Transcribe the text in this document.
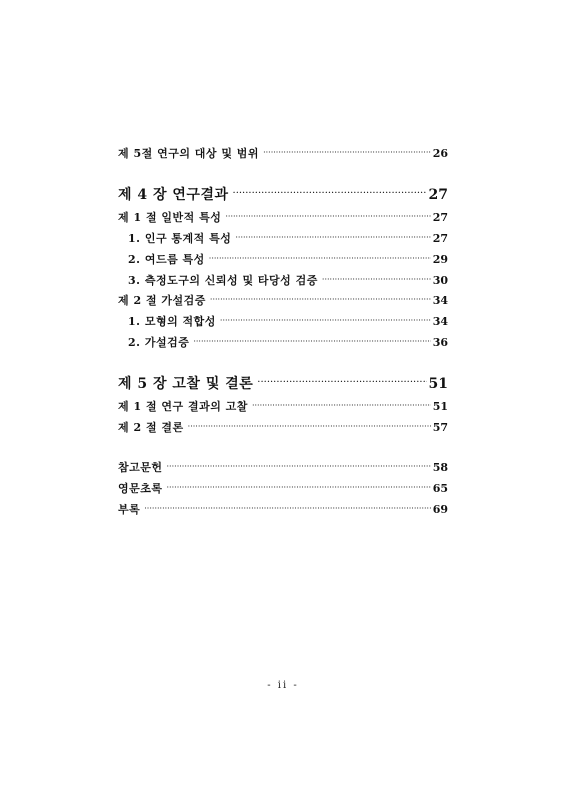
제 5절 연구의 대상 및 범위 ·····	26
제 4 장 연구결과 ·····	27
제 1 절 일반적 특성 ·····	27
1. 인구 통계적 특성 ·····	27
2. 여드름 특성 ·····	29
3. 측정도구의 신뢰성 및 타당성 검증 ·····	30
제 2 절 가설검증 ·····	34
1. 모형의 적합성 ·····	34
2. 가설검증 ·····	36
제 5 장 고찰 및 결론 ·····	51
제 1 절 연구 결과의 고찰 ·····	51
제 2 절 결론 ·····	57
참고문헌 ·····	58
영문초록 ·····	65
부록 ·····	69
- ii -
